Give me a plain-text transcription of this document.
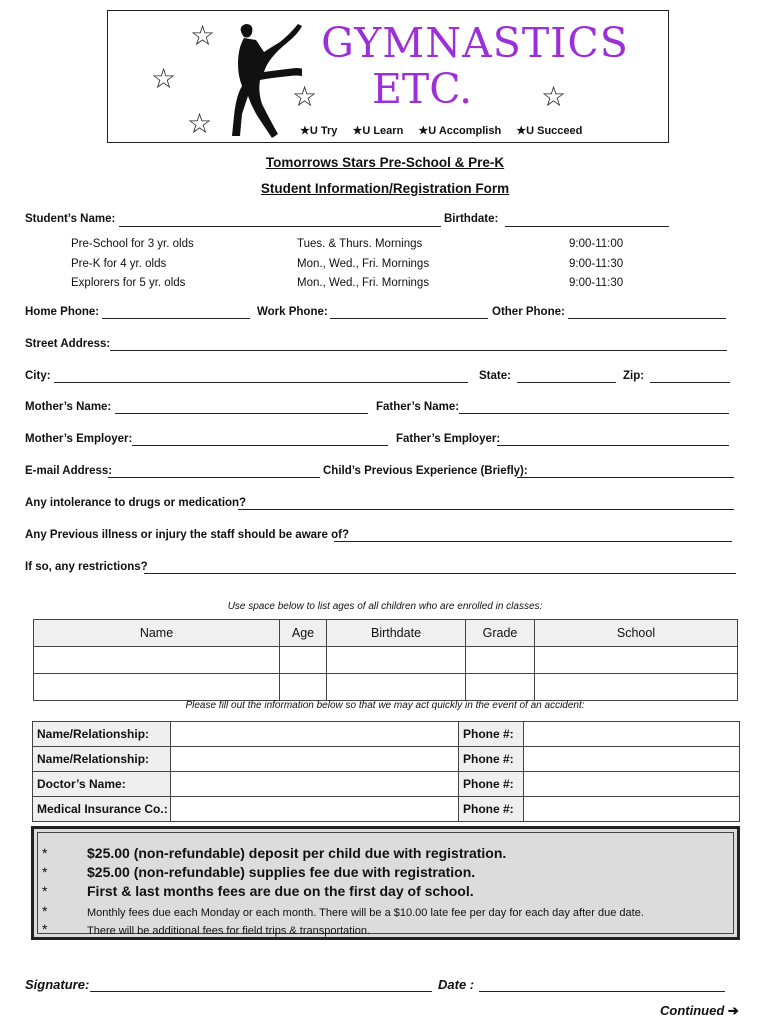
☆
☆
☆
☆	☆
GYMNASTICS
ETC.
★U Try ★U Learn ★U Accomplish ★U Succeed
Tomorrows Stars Pre-School & Pre-K
Student Information/Registration Form
Student’s Name:	Birthdate:
Pre-School for 3 yr. olds	Tues. & Thurs. Mornings	9:00-11:00
Pre-K for 4 yr. olds	Mon., Wed., Fri. Mornings	9:00-11:30
Explorers for 5 yr. olds	Mon., Wed., Fri. Mornings	9:00-11:30
Home Phone:	Work Phone:	Other Phone:
Street Address:
City:	State:	Zip:
Mother’s Name:	Father’s Name:
Mother’s Employer:	Father’s Employer:
E-mail Address:	Child’s Previous Experience (Briefly):
Any intolerance to drugs or medication?
Any Previous illness or injury the staff should be aware of?
If so, any restrictions?
Use space below to list ages of all children who are enrolled in classes:
Name	Age	Birthdate	Grade	School

Please fill out the information below so that we may act quickly in the event of an accident:
Name/Relationship:		Phone #:	
Name/Relationship:		Phone #:	
Doctor’s Name:		Phone #:	
Medical Insurance Co.:		Phone #:	
*	$25.00 (non-refundable) deposit per child due with registration.
*	$25.00 (non-refundable) supplies fee due with registration.
*	First & last months fees are due on the first day of school.
*	Monthly fees due each Monday or each month. There will be a $10.00 late fee per day for each day after due date.
*	There will be additional fees for field trips & transportation.
Signature:	Date :
Continued ➔
